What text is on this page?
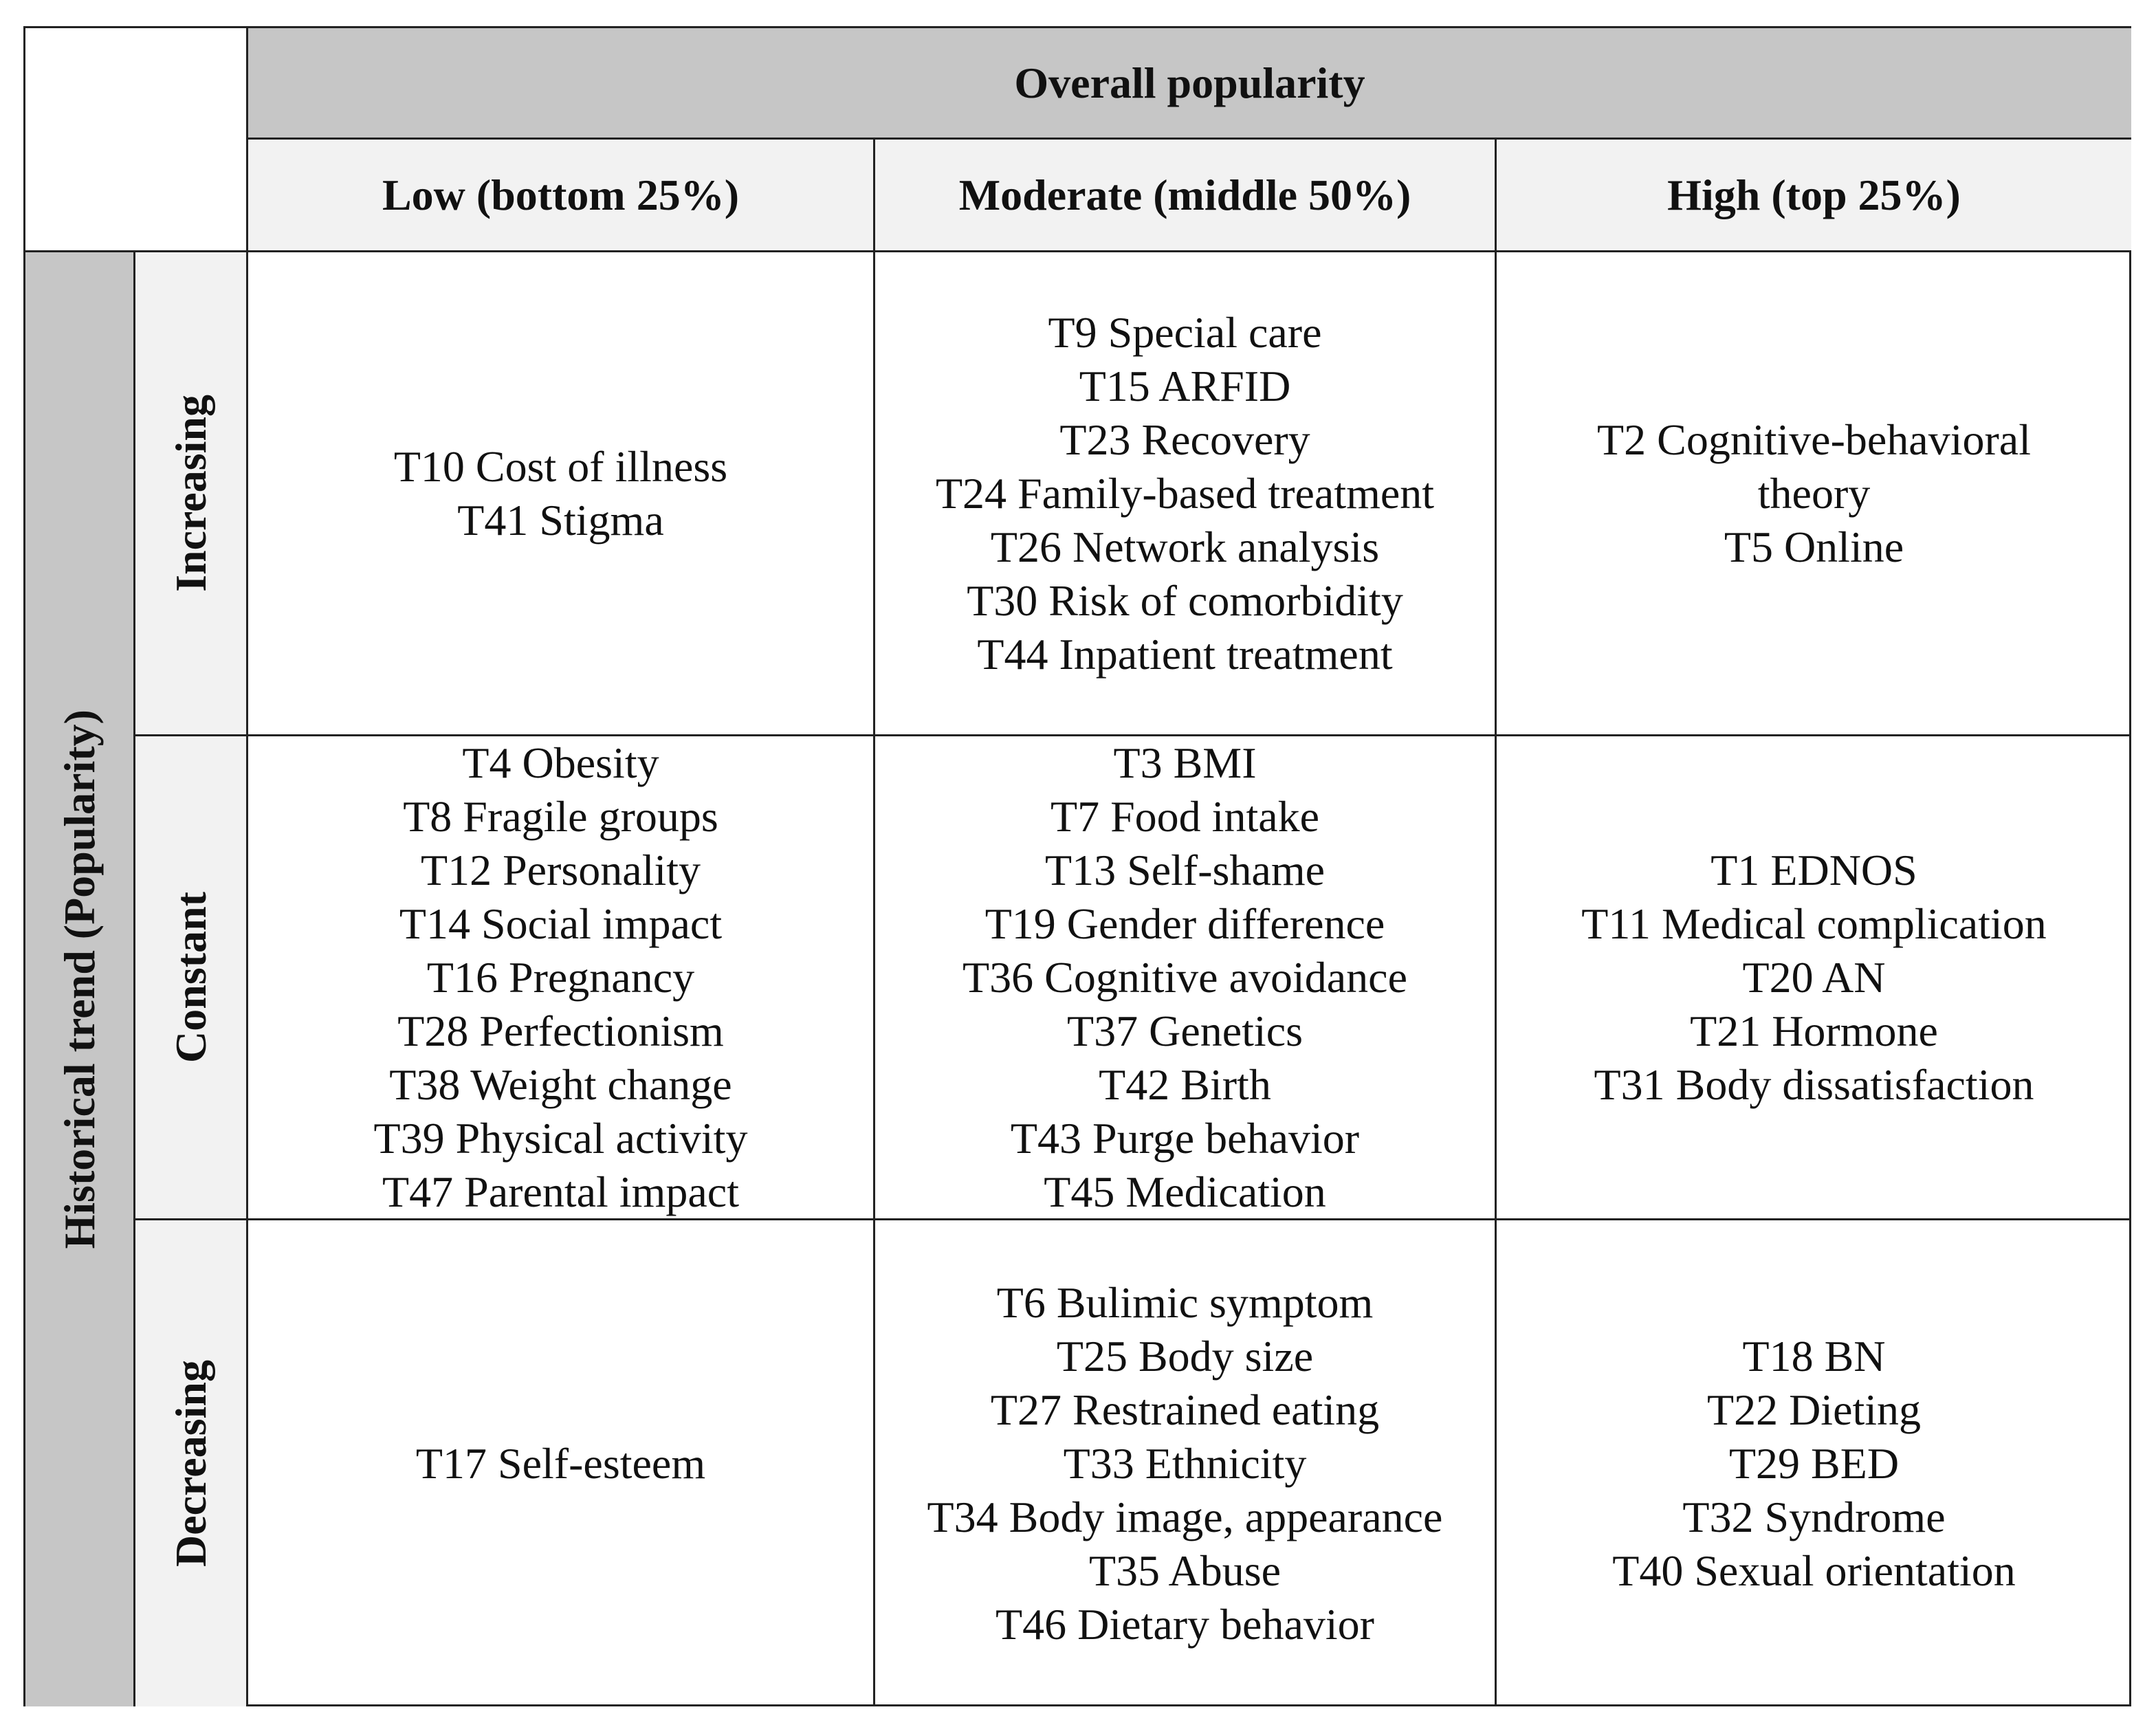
Overall popularity
Low (bottom 25%)	Moderate (middle 50%)	High (top 25%)
Historical trend (Popularity)
Increasing
Constant
Decreasing
T10 Cost of illness
T41 Stigma
T9 Special care
T15 ARFID
T23 Recovery
T24 Family-based treatment
T26 Network analysis
T30 Risk of comorbidity
T44 Inpatient treatment
T2 Cognitive-behavioral
theory
T5 Online
T4 Obesity
T8 Fragile groups
T12 Personality
T14 Social impact
T16 Pregnancy
T28 Perfectionism
T38 Weight change
T39 Physical activity
T47 Parental impact
T3 BMI
T7 Food intake
T13 Self-shame
T19 Gender difference
T36 Cognitive avoidance
T37 Genetics
T42 Birth
T43 Purge behavior
T45 Medication
T1 EDNOS
T11 Medical complication
T20 AN
T21 Hormone
T31 Body dissatisfaction
T17 Self-esteem
T6 Bulimic symptom
T25 Body size
T27 Restrained eating
T33 Ethnicity
T34 Body image, appearance
T35 Abuse
T46 Dietary behavior
T18 BN
T22 Dieting
T29 BED
T32 Syndrome
T40 Sexual orientation
